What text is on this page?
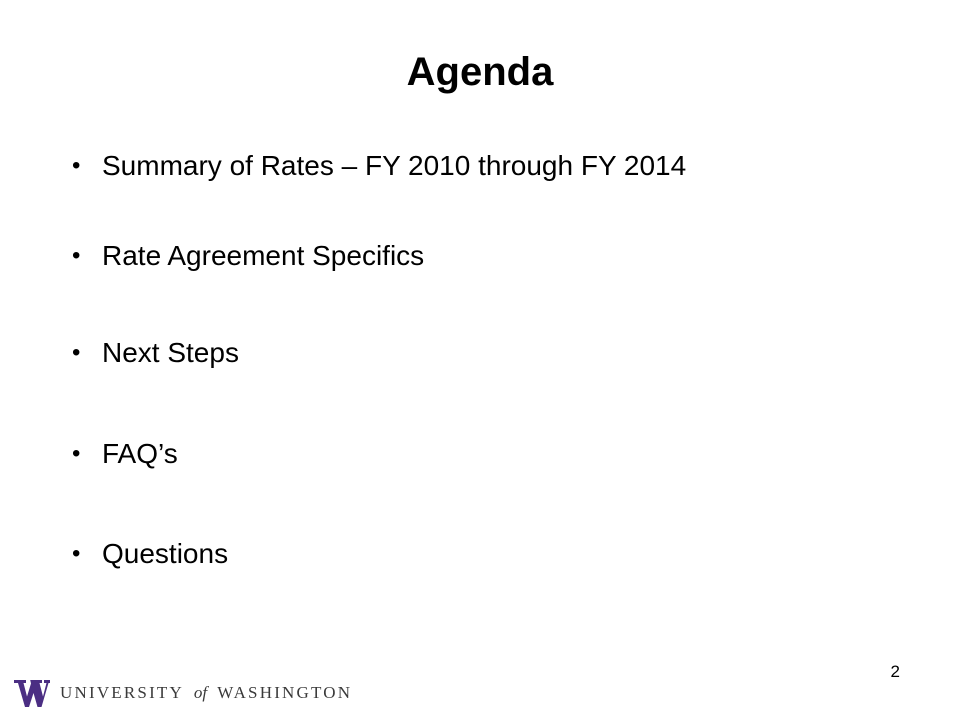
Agenda
• Summary of Rates – FY 2010 through FY 2014
• Rate Agreement Specifics
• Next Steps
• FAQ’s
• Questions
UNIVERSITY of WASHINGTON
2
